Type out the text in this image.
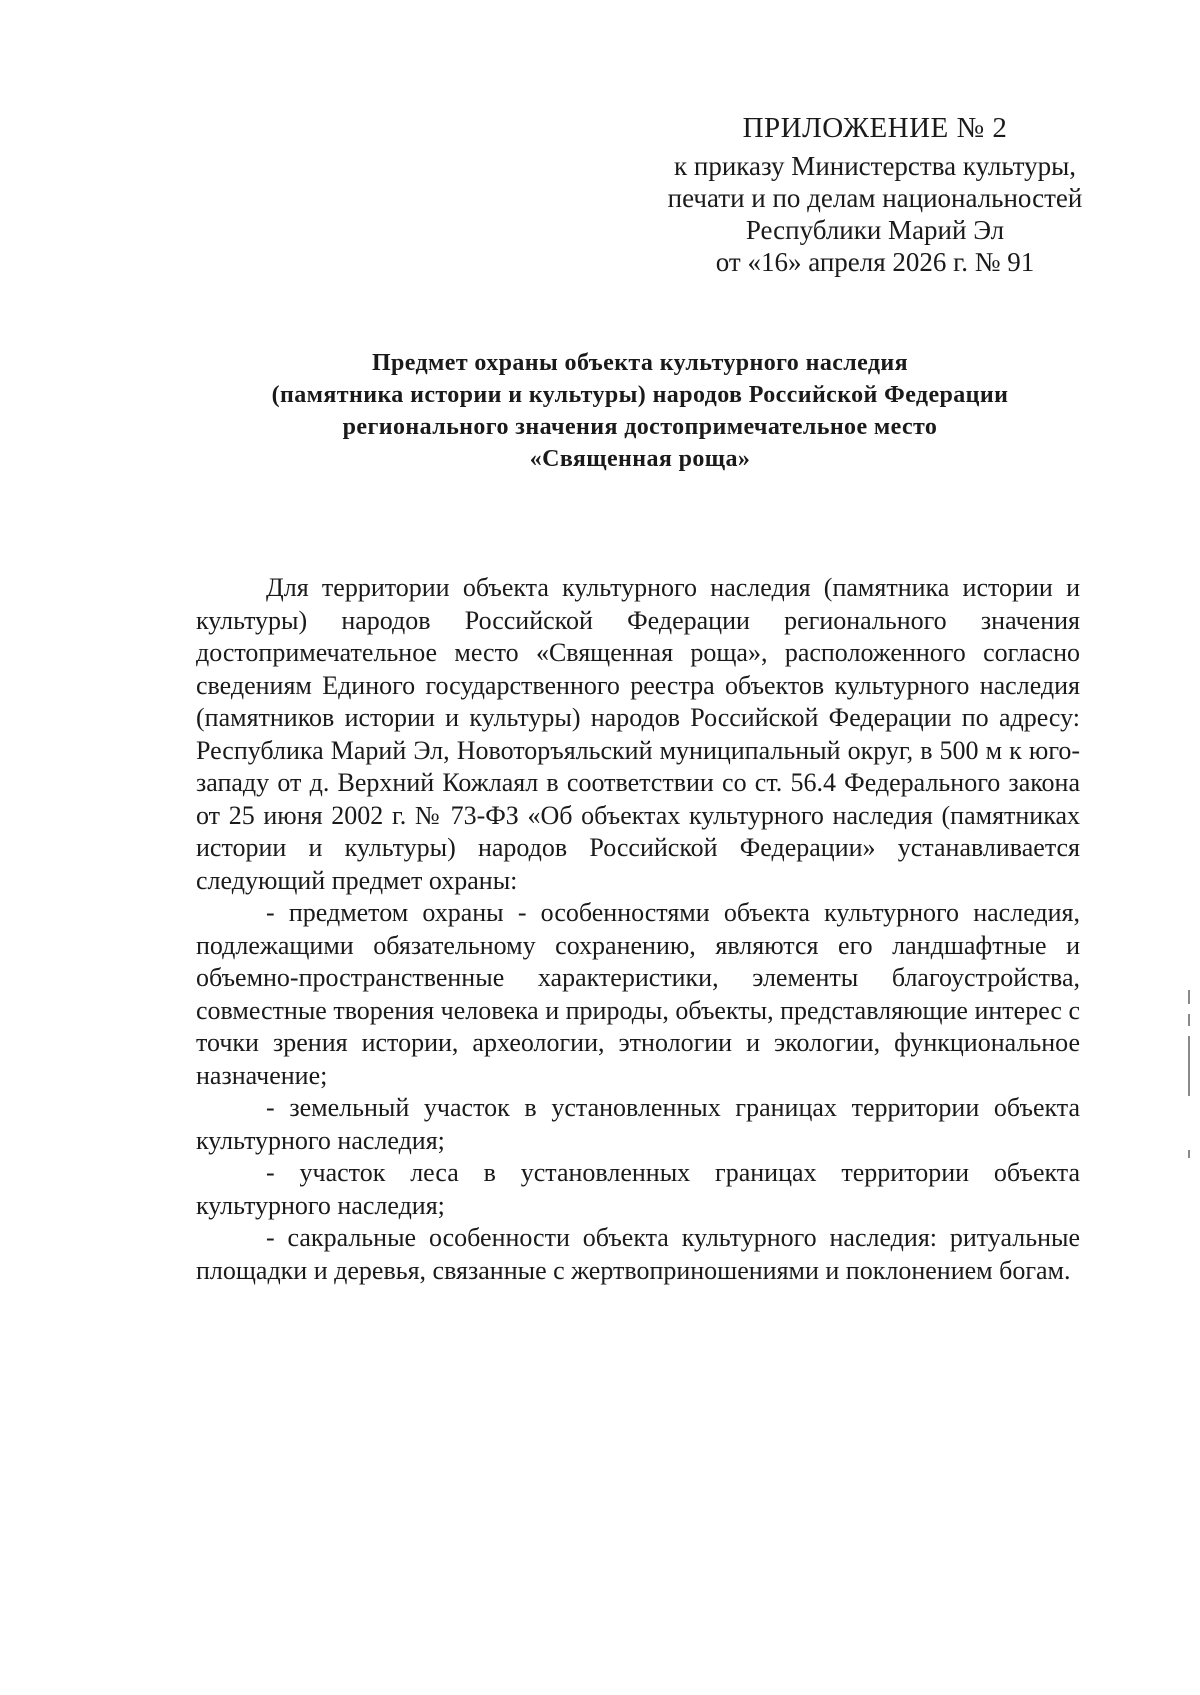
ПРИЛОЖЕНИЕ № 2
к приказу Министерства культуры,
печати и по делам национальностей
Республики Марий Эл
от «16» апреля 2026 г. № 91
Предмет охраны объекта культурного наследия
(памятника истории и культуры) народов Российской Федерации
регионального значения достопримечательное место
«Священная роща»

Для территории объекта культурного наследия (памятника истории и культуры) народов Российской Федерации регионального значения достопримечательное место «Священная роща», расположенного согласно сведениям Единого государственного реестра объектов культурного наследия (памятников истории и культуры) народов Российской Федерации по адресу: Республика Марий Эл, Новоторъяльский муниципальный округ, в 500 м к юго-западу от д. Верхний Кожлаял в соответствии со ст. 56.4 Федерального закона от 25 июня 2002 г. № 73-ФЗ «Об объектах культурного наследия (памятниках истории и культуры) народов Российской Федерации» устанавливается следующий предмет охраны:

- предметом охраны - особенностями объекта культурного наследия, подлежащими обязательному сохранению, являются его ландшафтные и объемно-пространственные характеристики, элементы благоустройства, совместные творения человека и природы, объекты, представляющие интерес с точки зрения истории, археологии, этнологии и экологии, функциональное назначение;

- земельный участок в установленных границах территории объекта культурного наследия;

- участок леса в установленных границах территории объекта культурного наследия;

- сакральные особенности объекта культурного наследия: ритуальные площадки и деревья, связанные с жертвоприношениями и поклонением богам.
